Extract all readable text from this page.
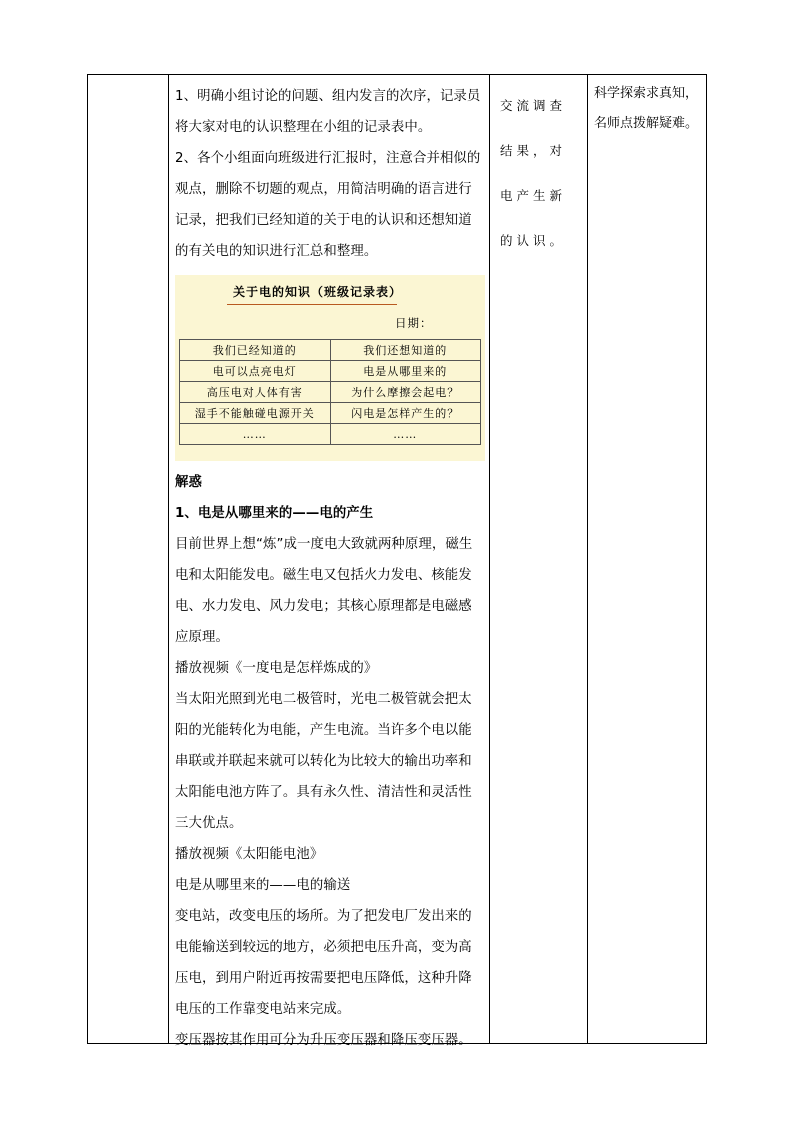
1、明确小组讨论的问题、组内发言的次序，记录员将大家对电的认识整理在小组的记录表中。

2、各个小组面向班级进行汇报时，注意合并相似的观点，删除不切题的观点，用简洁明确的语言进行记录，把我们已经知道的关于电的认识和还想知道的有关电的知识进行汇总和整理。

关于电的知识（班级记录表）
日期：
我们已经知道的	我们还想知道的
电可以点亮电灯	电是从哪里来的
高压电对人体有害	为什么摩擦会起电？
湿手不能触碰电源开关	闪电是怎样产生的？
……	……

解惑

1、电是从哪里来的——电的产生

目前世界上想“炼”成一度电大致就两种原理，磁生电和太阳能发电。磁生电又包括火力发电、核能发电、水力发电、风力发电；其核心原理都是电磁感应原理。

播放视频《一度电是怎样炼成的》

当太阳光照到光电二极管时，光电二极管就会把太阳的光能转化为电能，产生电流。当许多个电以能串联或并联起来就可以转化为比较大的输出功率和太阳能电池方阵了。具有永久性、清洁性和灵活性三大优点。

播放视频《太阳能电池》

电是从哪里来的——电的输送

变电站，改变电压的场所。为了把发电厂发出来的电能输送到较远的地方，必须把电压升高，变为高压电，到用户附近再按需要把电压降低，这种升降电压的工作靠变电站来完成。

变压器按其作用可分为升压变压器和降压变压器。

交流调查结果，对电产生新的认识。
科学探索求真知，名师点拨解疑难。
